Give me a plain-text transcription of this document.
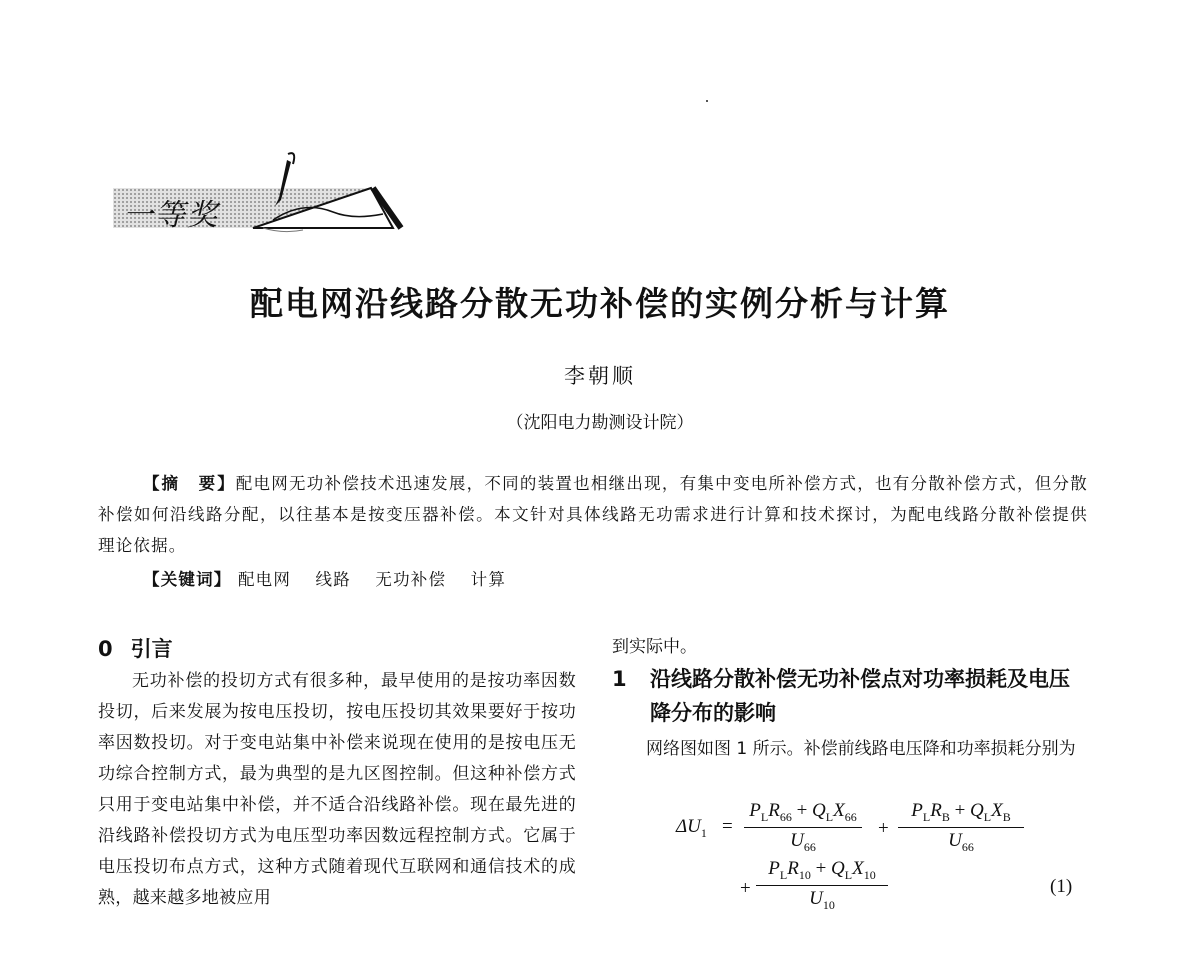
一等奖
配电网沿线路分散无功补偿的实例分析与计算
李朝顺
（沈阳电力勘测设计院）
【摘　要】配电网无功补偿技术迅速发展，不同的装置也相继出现，有集中变电所补偿方式，也有分散补偿方式，但分散补偿如何沿线路分配，以往基本是按变压器补偿。本文针对具体线路无功需求进行计算和技术探讨，为配电线路分散补偿提供理论依据。
【关键词】 配电网 线路 无功补偿 计算
0 引言

无功补偿的投切方式有很多种，最早使用的是按功率因数投切，后来发展为按电压投切，按电压投切其效果要好于按功率因数投切。对于变电站集中补偿来说现在使用的是按电压无功综合控制方式，最为典型的是九区图控制。但这种补偿方式只用于变电站集中补偿，并不适合沿线路补偿。现在最先进的沿线路补偿投切方式为电压型功率因数远程控制方式。它属于电压投切布点方式，这种方式随着现代互联网和通信技术的成熟，越来越多地被应用

到实际中。
1 沿线路分散补偿无功补偿点对功率损耗及电压降分布的影响

网络图如图 1 所示。补偿前线路电压降和功率损耗分别为

$\Delta U_1$ =
$P_LR_{66} + Q_LX_{66}$
$U_{66}$
+
$P_LR_B + Q_LX_B$
$U_{66}$
+
$P_LR_{10} + Q_LX_{10}$
$U_{10}$
(1)
